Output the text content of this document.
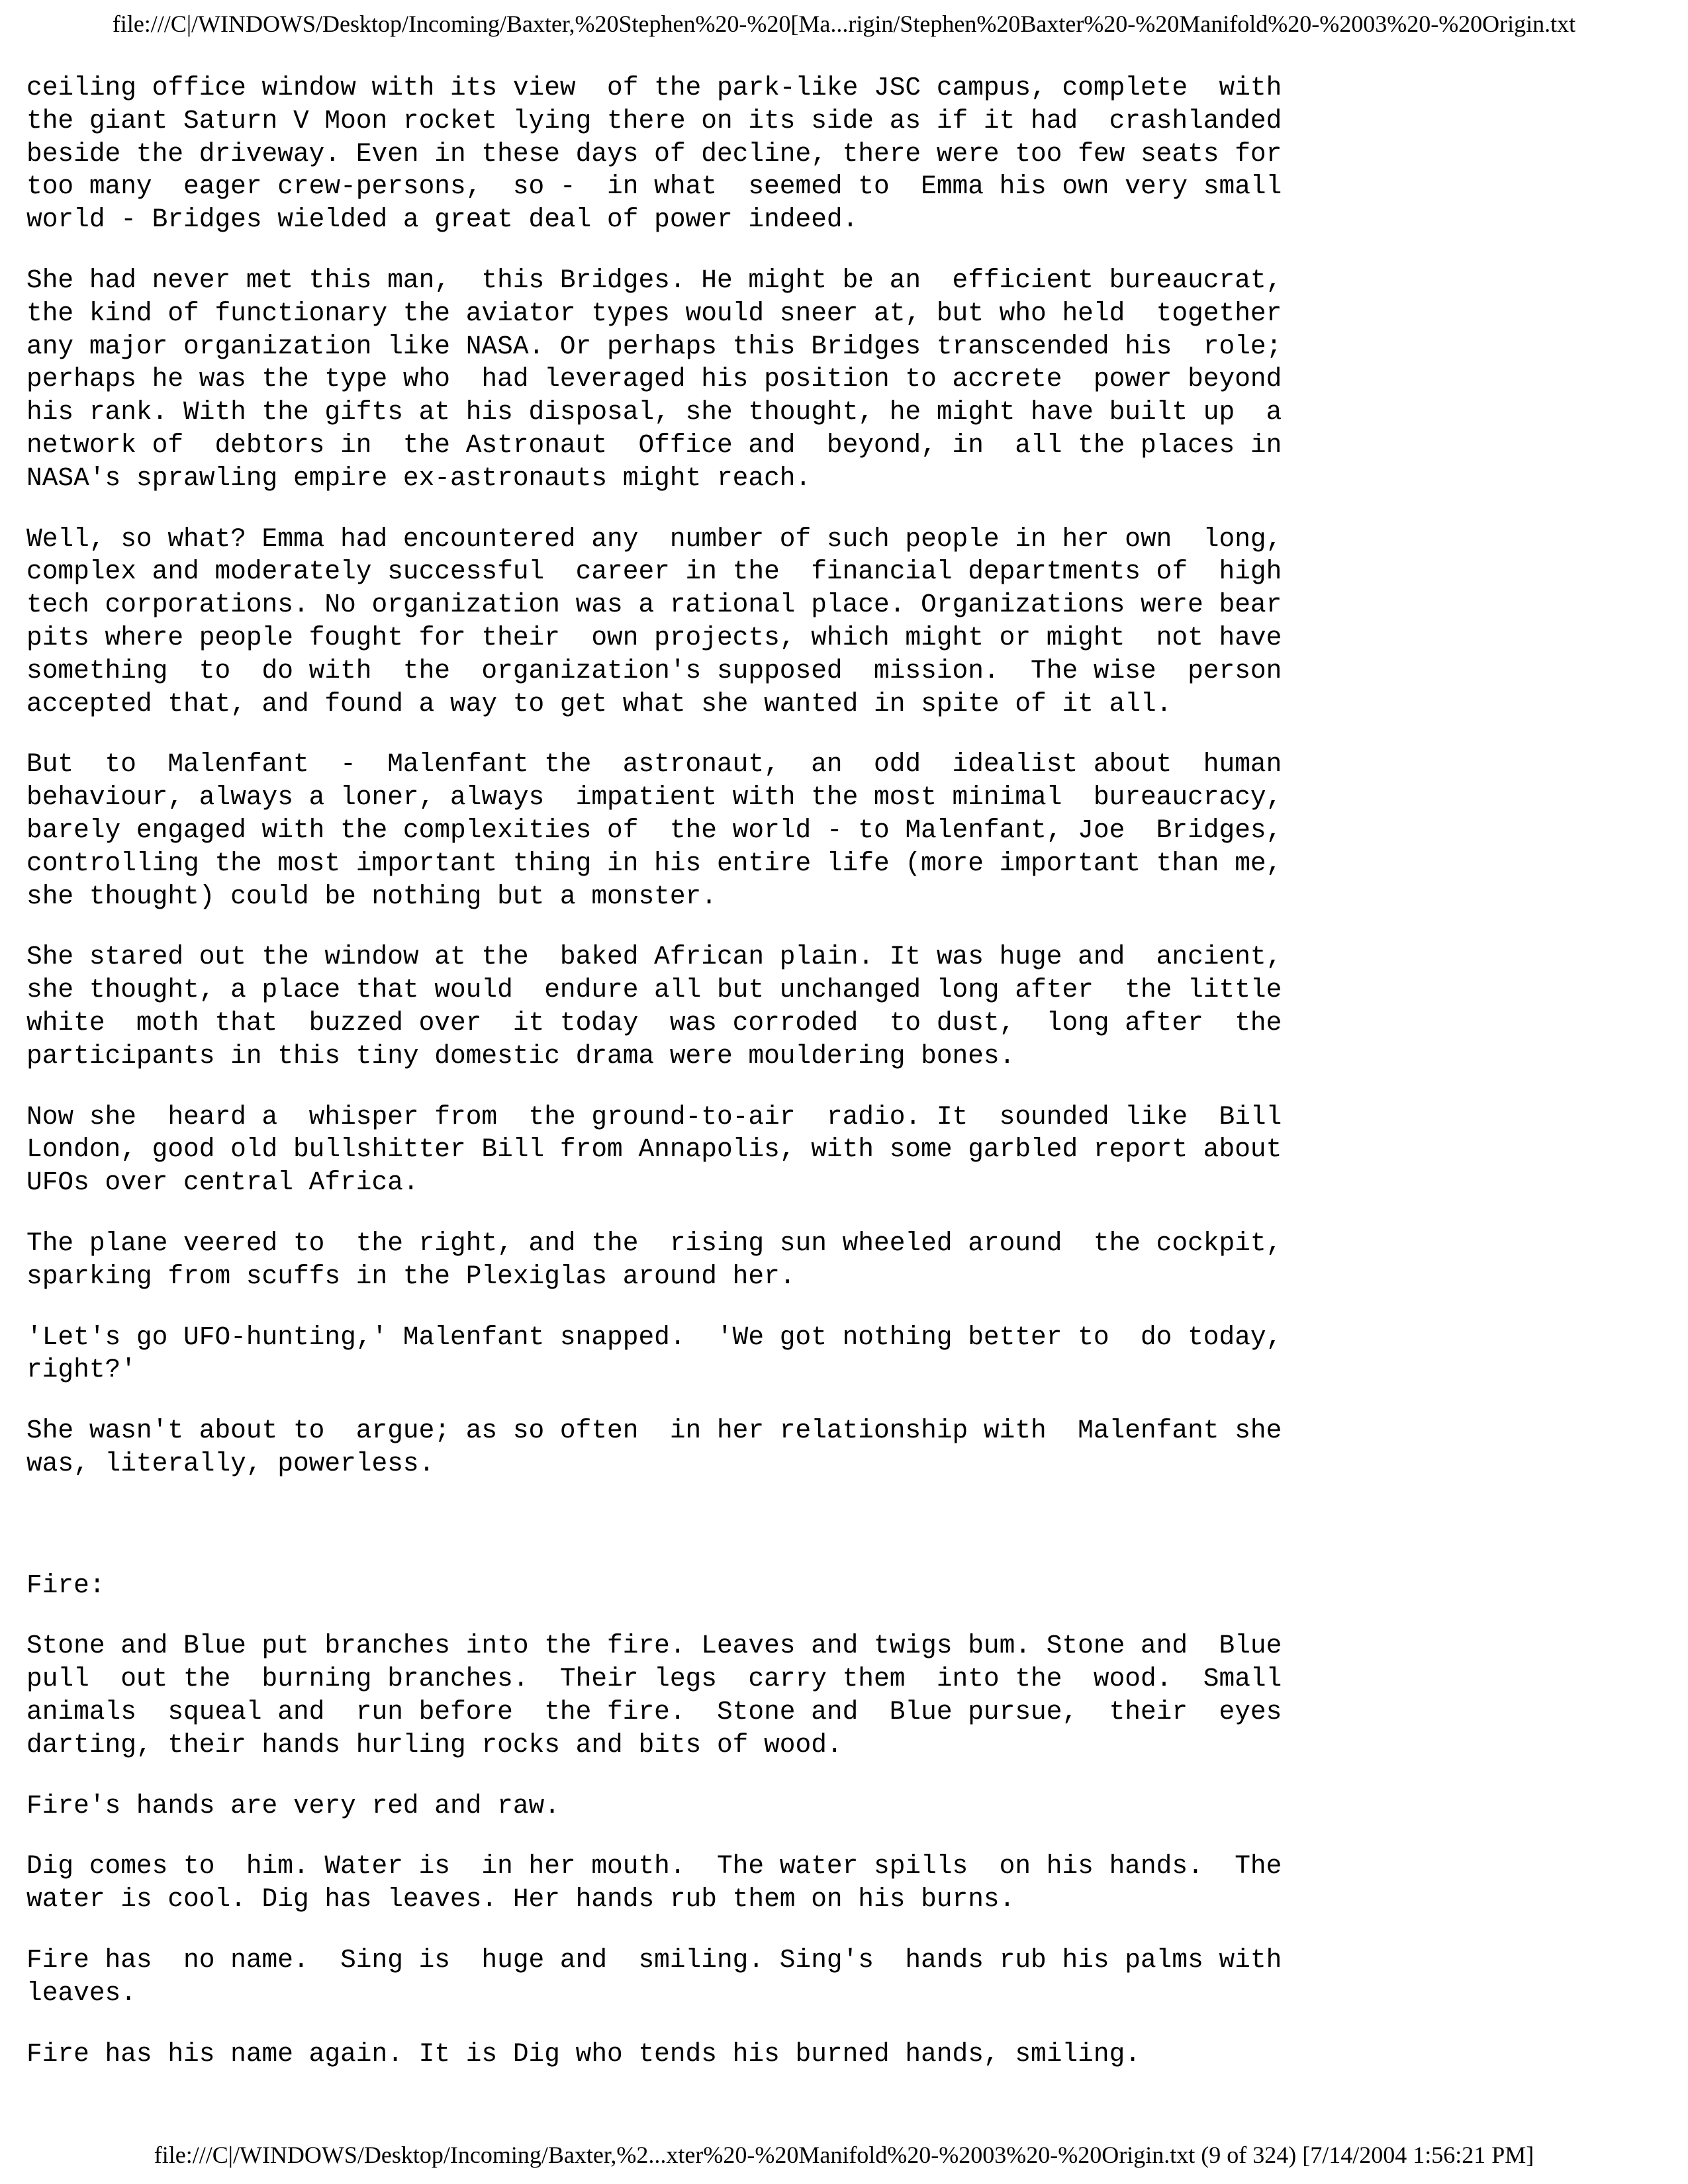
file:///C|/WINDOWS/Desktop/Incoming/Baxter,%20Stephen%20-%20[Ma...rigin/Stephen%20Baxter%20-%20Manifold%20-%2003%20-%20Origin.txt

ceiling office window with its view  of the park-like JSC campus, complete  with
the giant Saturn V Moon rocket lying there on its side as if it had  crashlanded
beside the driveway. Even in these days of decline, there were too few seats for
too many  eager crew-persons,  so -  in what  seemed to  Emma his own very small
world - Bridges wielded a great deal of power indeed.

She had never met this man,  this Bridges. He might be an  efficient bureaucrat,
the kind of functionary the aviator types would sneer at, but who held  together
any major organization like NASA. Or perhaps this Bridges transcended his  role;
perhaps he was the type who  had leveraged his position to accrete  power beyond
his rank. With the gifts at his disposal, she thought, he might have built up  a
network of  debtors in  the Astronaut  Office and  beyond, in  all the places in
NASA's sprawling empire ex-astronauts might reach.

Well, so what? Emma had encountered any  number of such people in her own  long,
complex and moderately successful  career in the  financial departments of  high
tech corporations. No organization was a rational place. Organizations were bear
pits where people fought for their  own projects, which might or might  not have
something  to  do with  the  organization's supposed  mission.  The wise  person
accepted that, and found a way to get what she wanted in spite of it all.

But  to  Malenfant  -  Malenfant the  astronaut,  an  odd  idealist about  human
behaviour, always a loner, always  impatient with the most minimal  bureaucracy,
barely engaged with the complexities of  the world - to Malenfant, Joe  Bridges,
controlling the most important thing in his entire life (more important than me,
she thought) could be nothing but a monster.

She stared out the window at the  baked African plain. It was huge and  ancient,
she thought, a place that would  endure all but unchanged long after  the little
white  moth that  buzzed over  it today  was corroded  to dust,  long after  the
participants in this tiny domestic drama were mouldering bones.

Now she  heard a  whisper from  the ground-to-air  radio. It  sounded like  Bill
London, good old bullshitter Bill from Annapolis, with some garbled report about
UFOs over central Africa.

The plane veered to  the right, and the  rising sun wheeled around  the cockpit,
sparking from scuffs in the Plexiglas around her.

'Let's go UFO-hunting,' Malenfant snapped.  'We got nothing better to  do today,
right?'

She wasn't about to  argue; as so often  in her relationship with  Malenfant she
was, literally, powerless.

Fire:

Stone and Blue put branches into the fire. Leaves and twigs bum. Stone and  Blue
pull  out the  burning branches.  Their legs  carry them  into the  wood.  Small
animals  squeal and  run before  the fire.  Stone and  Blue pursue,  their  eyes
darting, their hands hurling rocks and bits of wood.

Fire's hands are very red and raw.

Dig comes to  him. Water is  in her mouth.  The water spills  on his hands.  The
water is cool. Dig has leaves. Her hands rub them on his burns.

Fire has  no name.  Sing is  huge and  smiling. Sing's  hands rub his palms with
leaves.

Fire has his name again. It is Dig who tends his burned hands, smiling.

file:///C|/WINDOWS/Desktop/Incoming/Baxter,%2...xter%20-%20Manifold%20-%2003%20-%20Origin.txt (9 of 324) [7/14/2004 1:56:21 PM]
